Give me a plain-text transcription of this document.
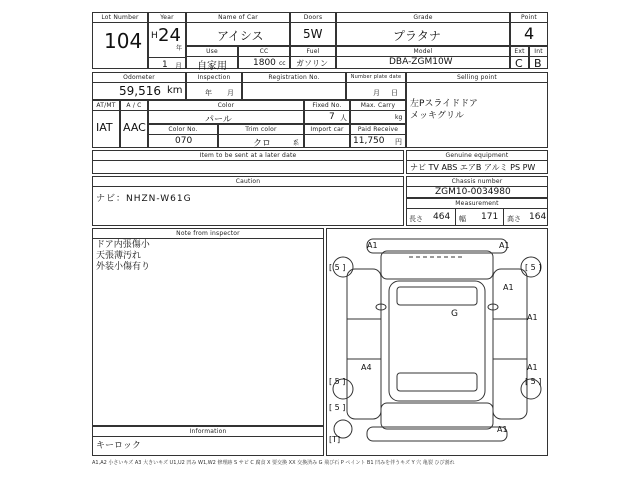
Lot Number
104
Year
H 24
年
1 月
Name of Car
アイシス
Doors
5W
Grade
プラタナ
Point
4
Use
自家用
CC
1800 cc
Fuel
ガソリン
Model
DBA-ZGM10W
Ext
C
Int
B
Odometer
59,516 km
Inspection
年 月
Registration No.	Number plate date
月 日
Selling point
左Pスライドドア
メッキグリル
AT/MT
IAT
A / C
AAC
Color
パール
Fixed No.
7 人
Max. Carry
kg
Color No.
070
Trim color
クロ	系
Import car	Paid Receive
11,750 円
Item to be sent at a later date	Genuine equipment
ナビ TV ABS エアB アルミ PS PW
Caution
ナビ：NHZN-W61G
Chassis number
ZGM10-0034980
Measurement
長さ 464 幅 171 高さ 164
Note from inspector
ドア内張傷小
天張薄汚れ
外装小傷有り
Information
キーロック
A1	A1
A1
A1
G
A4	A1
A1
[ 5 ]	[ 5 ]
[ 5 ]	[ 5 ]
[ 5 ]
[T]
A1,A2 小さいキズ A3 大きいキズ U1,U2 凹み W1,W2 修理跡 S サビ C 腐食 X 要交換 XX 交換済み G 飛び石 P ペイント B1 凹みを伴うキズ Y 穴 亀裂 ひび割れ
